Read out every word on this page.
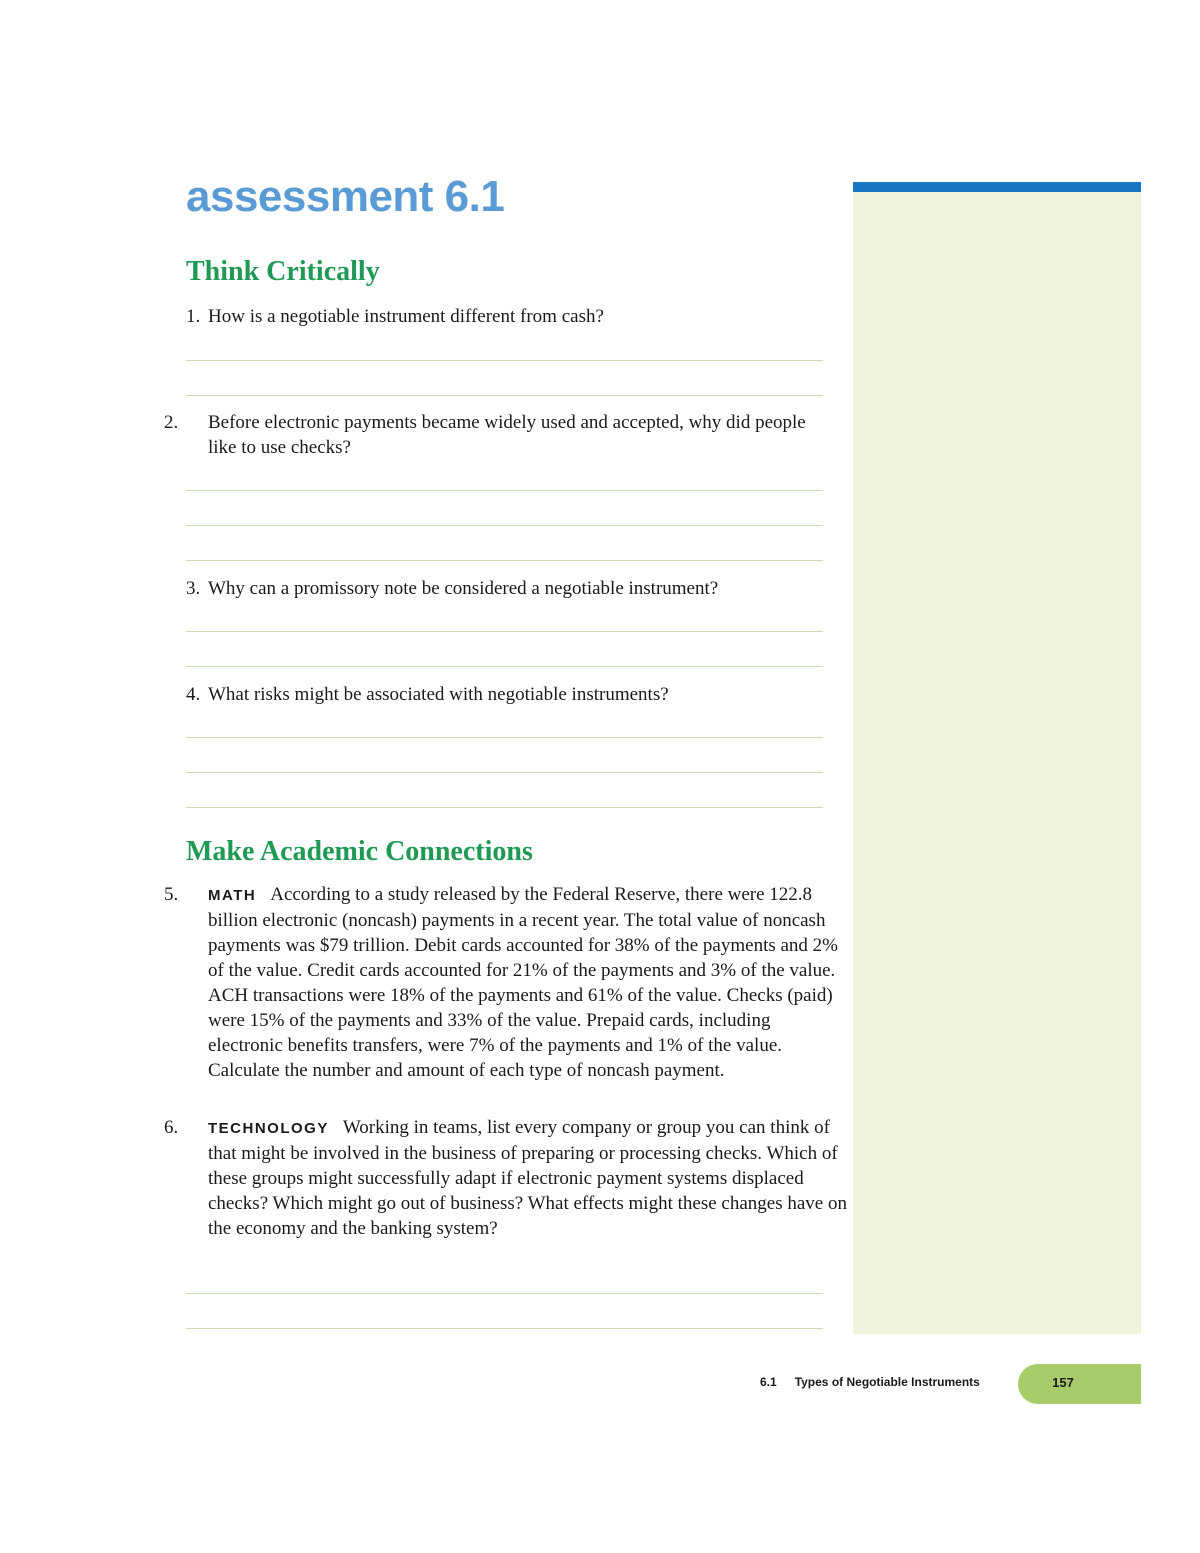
assessment 6.1
Think Critically
1. How is a negotiable instrument different from cash?
2. Before electronic payments became widely used and accepted, why did people like to use checks?
3. Why can a promissory note be considered a negotiable instrument?
4. What risks might be associated with negotiable instruments?
Make Academic Connections
5. MATH According to a study released by the Federal Reserve, there were 122.8 billion electronic (noncash) payments in a recent year. The total value of noncash payments was $79 trillion. Debit cards accounted for 38% of the payments and 2% of the value. Credit cards accounted for 21% of the payments and 3% of the value. ACH transactions were 18% of the payments and 61% of the value. Checks (paid) were 15% of the payments and 33% of the value. Prepaid cards, including electronic benefits transfers, were 7% of the payments and 1% of the value. Calculate the number and amount of each type of noncash payment.
6. TECHNOLOGY Working in teams, list every company or group you can think of that might be involved in the business of preparing or processing checks. Which of these groups might successfully adapt if electronic payment systems displaced checks? Which might go out of business? What effects might these changes have on the economy and the banking system?
6.1 Types of Negotiable Instruments	157
